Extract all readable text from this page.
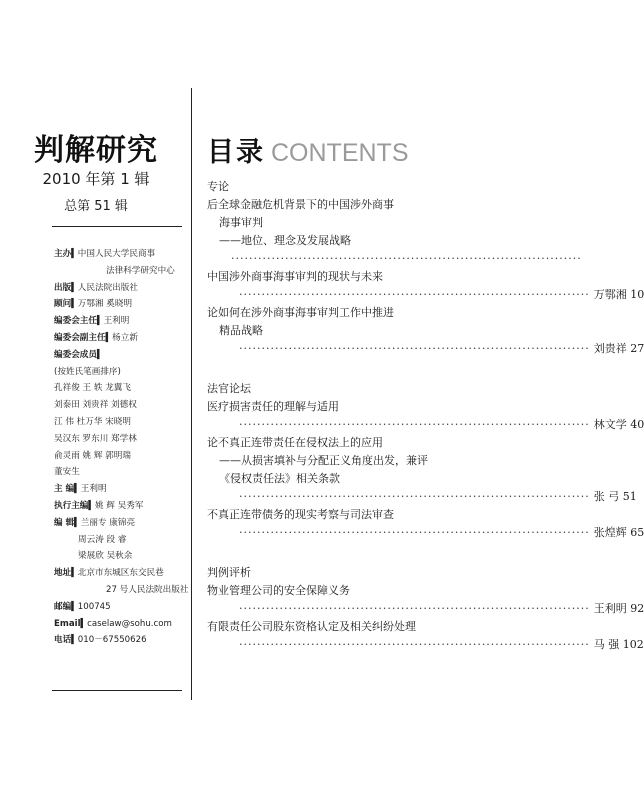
判解研究
2010 年第 1 辑
总第 51 辑
主办▍中国人民大学民商事
法律科学研究中心
出版▍人民法院出版社
顾问▍万鄂湘 奚晓明
编委会主任▍王利明
编委会副主任▍杨立新
编委会成员▍
(按姓氏笔画排序)
孔祥俊 王 轶 龙翼飞
刘泰田 刘贵祥 刘德权
江 伟 杜万华 宋晓明
吴汉东 罗东川 郑学林
俞灵雨 姚 辉 郭明瑞
董安生
主 编▍王利明
执行主编▍姚 辉 吴秀军
编 辑▍兰丽专 康锦亮
周云涛 段 睿
梁展欣 吴秋余
地址▍北京市东城区东交民巷
27 号人民法院出版社
邮编▍100745
Email▍caselaw@sohu.com
电话▍010－67550626
目录 CONTENTS
专论
后全球金融危机背景下的中国涉外商事
海事审判
——地位、理念及发展战略
··············································································
中国涉外商事海事审判的现状与未来
·············································································· 万鄂湘 10
论如何在涉外商事海事审判工作中推进
精品战略
·············································································· 刘贵祥 27
法官论坛
医疗损害责任的理解与适用
·············································································· 林文学 40
论不真正连带责任在侵权法上的应用
——从损害填补与分配正义角度出发，兼评
《侵权责任法》相关条款
·············································································· 张 弓 51
不真正连带债务的现实考察与司法审查
·············································································· 张煌辉 65
判例评析
物业管理公司的安全保障义务
·············································································· 王利明 92
有限责任公司股东资格认定及相关纠纷处理
·············································································· 马 强 102
